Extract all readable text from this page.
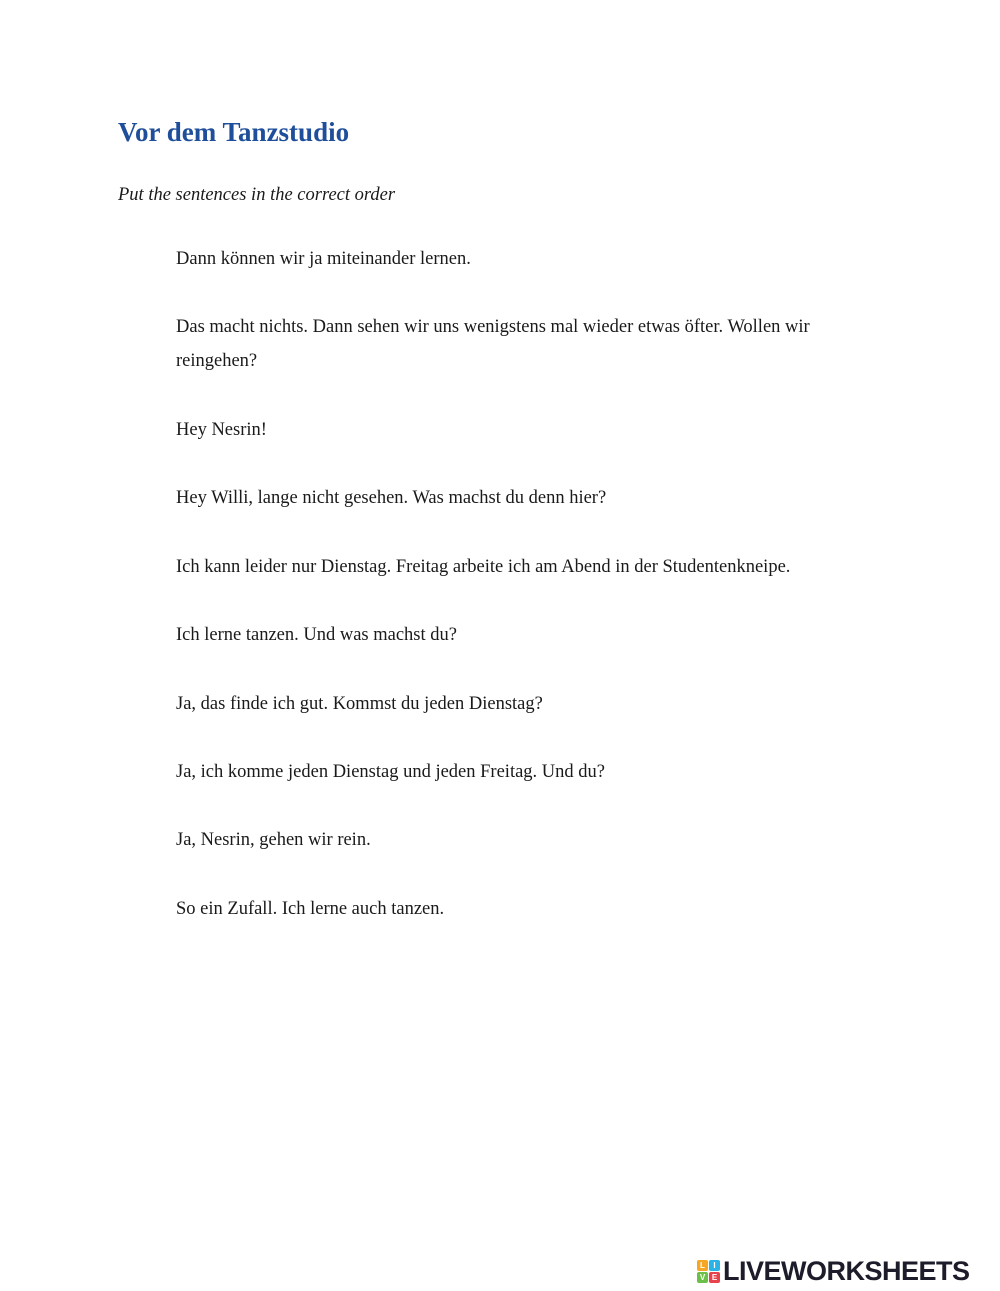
Vor dem Tanzstudio

Put the sentences in the correct order

Dann können wir ja miteinander lernen.
Das macht nichts. Dann sehen wir uns wenigstens mal wieder etwas öfter. Wollen wir reingehen?
Hey Nesrin!
Hey Willi, lange nicht gesehen. Was machst du denn hier?
Ich kann leider nur Dienstag. Freitag arbeite ich am Abend in der Studentenkneipe.
Ich lerne tanzen. Und was machst du?
Ja, das finde ich gut. Kommst du jeden Dienstag?
Ja, ich komme jeden Dienstag und jeden Freitag. Und du?
Ja, Nesrin, gehen wir rein.
So ein Zufall. Ich lerne auch tanzen.
L	I
V E LIVEWORKSHEETS
